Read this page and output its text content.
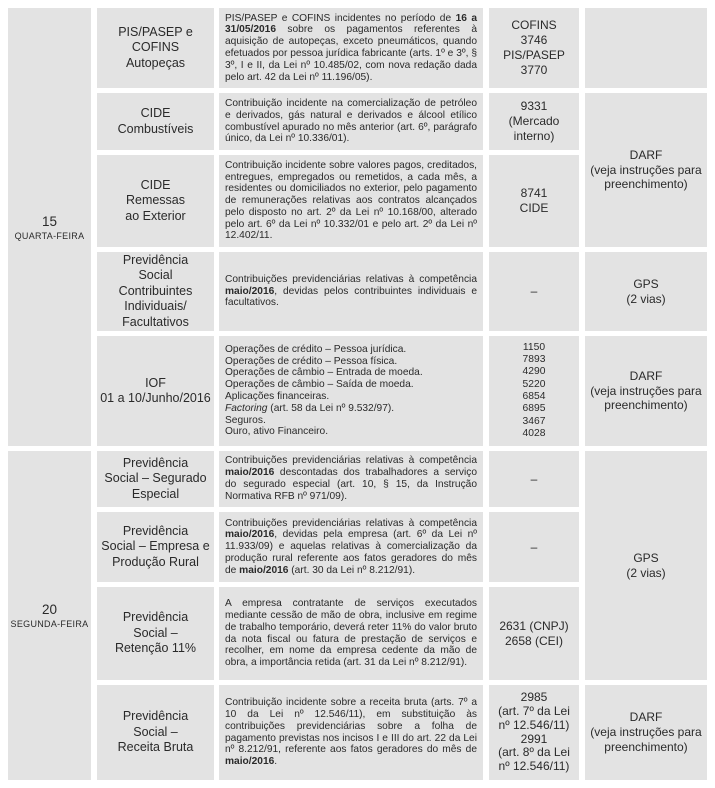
15
QUARTA-FEIRA
20
SEGUNDA-FEIRA
PIS/PASEP e
COFINS
Autopeças
PIS/PASEP e COFINS incidentes no período de 16 a 31/05/2016 sobre os pagamentos referentes à aquisição de autopeças, exceto pneumáticos, quando efetuados por pessoa jurídica fabricante (arts. 1º e 3º, § 3º, I e II, da Lei nº 10.485/02, com nova redação dada pelo art. 42 da Lei nº 11.196/05).
COFINS
3746
PIS/PASEP
3770
CIDE
Combustíveis
Contribuição incidente na comercialização de petróleo e derivados, gás natural e derivados e álcool etílico combustível apurado no mês anterior (art. 6º, parágrafo único, da Lei nº 10.336/01).
9331
(Mercado
interno)
CIDE
Remessas
ao Exterior
Contribuição incidente sobre valores pagos, creditados, entregues, empregados ou remetidos, a cada mês, a residentes ou domiciliados no exterior, pelo pagamento de remunerações relativas aos contratos alcançados pelo disposto no art. 2º da Lei nº 10.168/00, alterado pelo art. 6º da Lei nº 10.332/01 e pelo art. 2º da Lei nº 12.402/11.
8741
CIDE
DARF
(veja instruções para
preenchimento)
Previdência
Social
Contribuintes
Individuais/
Facultativos
Contribuições previdenciárias relativas à competência maio/2016, devidas pelos contribuintes individuais e facultativos.
–
GPS
(2 vias)
IOF
01 a 10/Junho/2016
Operações de crédito – Pessoa jurídica.
Operações de crédito – Pessoa física.
Operações de câmbio – Entrada de moeda.
Operações de câmbio – Saída de moeda.
Aplicações financeiras.
Factoring (art. 58 da Lei nº 9.532/97).
Seguros.
Ouro, ativo Financeiro.
1150
7893
4290
5220
6854
6895
3467
4028
DARF
(veja instruções para
preenchimento)
Previdência
Social – Segurado
Especial
Contribuições previdenciárias relativas à competência maio/2016 descontadas dos trabalhadores a serviço do segurado especial (art. 10, § 15, da Instrução Normativa RFB nº 971/09).
–
Previdência
Social – Empresa e
Produção Rural
Contribuições previdenciárias relativas à competência maio/2016, devidas pela empresa (art. 6º da Lei nº 11.933/09) e aquelas relativas à comercialização da produção rural referente aos fatos geradores do mês de maio/2016 (art. 30 da Lei nº 8.212/91).
–
Previdência
Social –
Retenção 11%
A empresa contratante de serviços executados mediante cessão de mão de obra, inclusive em regime de trabalho temporário, deverá reter 11% do valor bruto da nota fiscal ou fatura de prestação de serviços e recolher, em nome da empresa cedente da mão de obra, a importância retida (art. 31 da Lei nº 8.212/91).
2631 (CNPJ)
2658 (CEI)
GPS
(2 vias)
Previdência
Social –
Receita Bruta
Contribuição incidente sobre a receita bruta (arts. 7º a 10 da Lei nº 12.546/11), em substituição às contribuições previdenciárias sobre a folha de pagamento previstas nos incisos I e III do art. 22 da Lei nº 8.212/91, referente aos fatos geradores do mês de maio/2016.
2985
(art. 7º da Lei
nº 12.546/11)
2991
(art. 8º da Lei
nº 12.546/11)
DARF
(veja instruções para
preenchimento)
